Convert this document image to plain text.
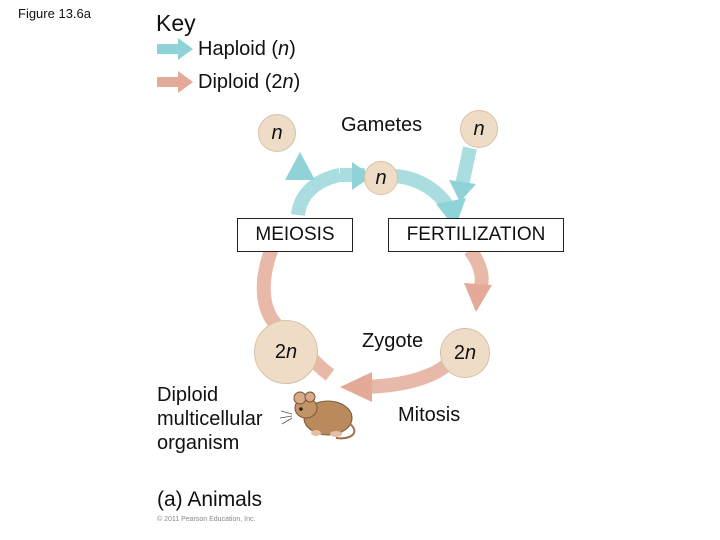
Figure 13.6a	Key
Haploid (n)
Diploid (2n)
n	Gametes	n
n
MEIOSIS	FERTILIZATION
2n	Zygote
2n
Mitosis
Diploid
multicellular
organism
(a) Animals
© 2011 Pearson Education, Inc.
